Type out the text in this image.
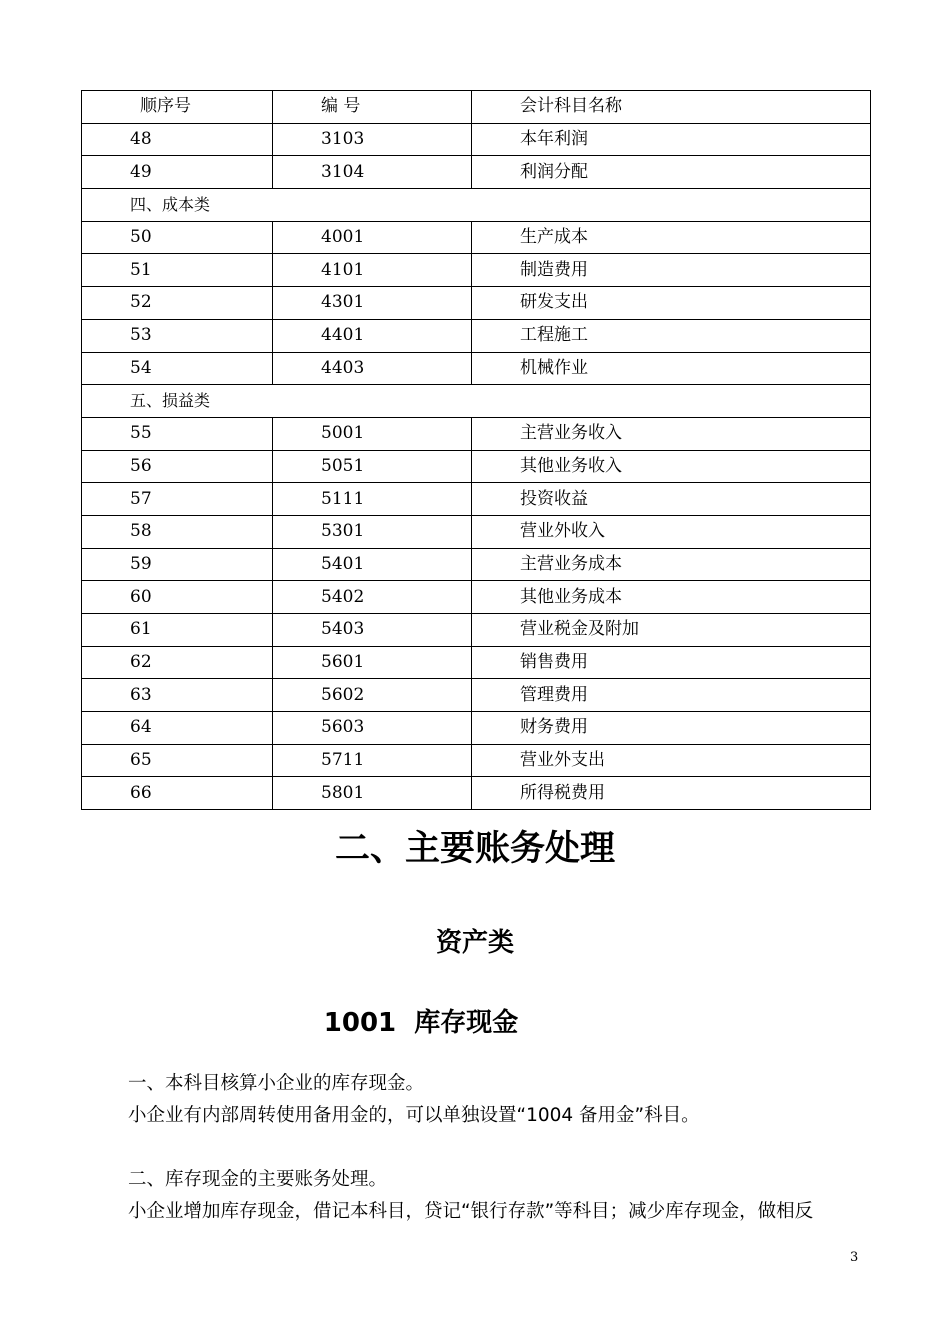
顺序号	编 号	会计科目名称
48	3103	本年利润
49	3104	利润分配
四、成本类		
50	4001	生产成本
51	4101	制造费用
52	4301	研发支出
53	4401	工程施工
54	4403	机械作业
五、损益类		
55	5001	主营业务收入
56	5051	其他业务收入
57	5111	投资收益
58	5301	营业外收入
59	5401	主营业务成本
60	5402	其他业务成本
61	5403	营业税金及附加
62	5601	销售费用
63	5602	管理费用
64	5603	财务费用
65	5711	营业外支出
66	5801	所得税费用
二、主要账务处理
资产类
1001  库存现金
一、本科目核算小企业的库存现金。
小企业有内部周转使用备用金的，可以单独设置“1004 备用金”科目。
二、库存现金的主要账务处理。
小企业增加库存现金，借记本科目，贷记“银行存款”等科目；减少库存现金，做相反
3
